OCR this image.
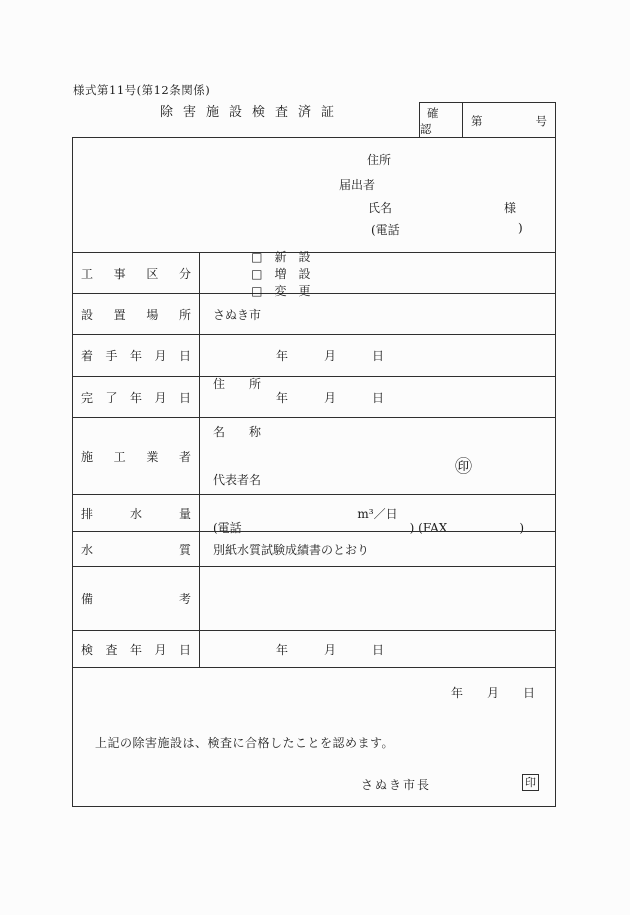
様式第11号(第12条関係)
除害施設検査済証	確認
第	号
住所
届出者
氏名	様
(電話	)
工事区分

□　新　設
□　増　設
□　変　更

設置場所	さぬき市
着手年月日	年　　　月　　　日
完了年月日	年　　　月　　　日
施工業者

住　　所

名　　称

代表者名

(電話　　　　　　　　　　　　　　) (FAX　　　　　　)

㊞
排水量	m³／日
水質	別紙水質試験成績書のとおり
備考
検査年月日	年　　　月　　　日
年　　月　　日
上記の除害施設は、検査に合格したことを認めます。
さぬき市長	印
